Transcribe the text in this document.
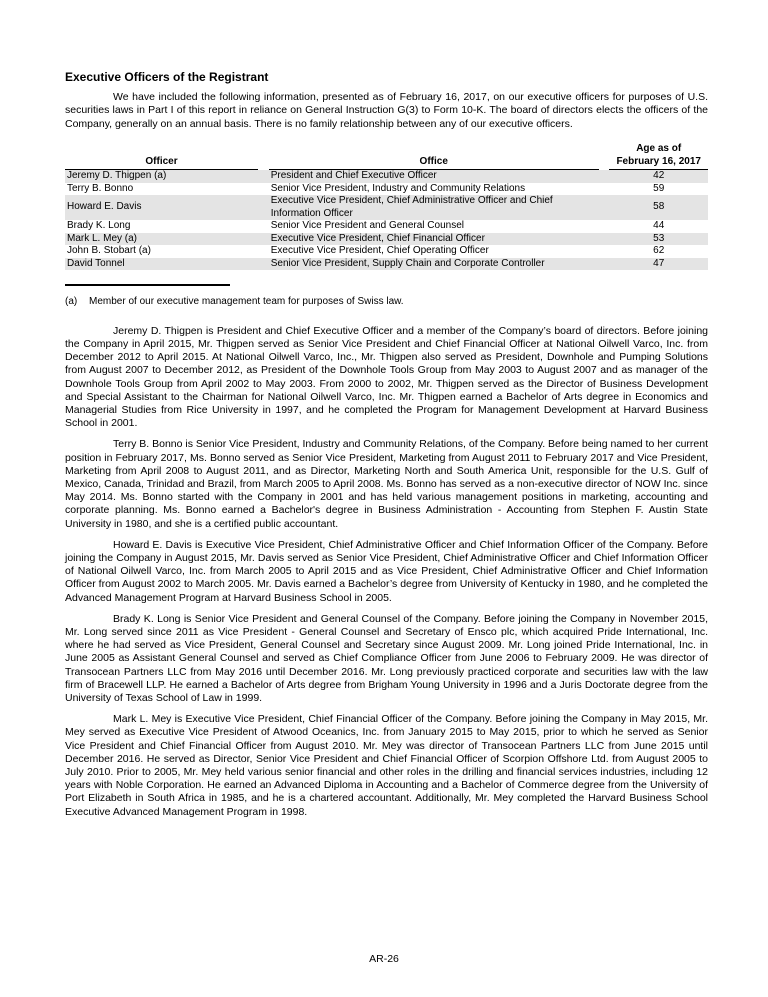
Executive Officers of the Registrant

We have included the following information, presented as of February 16, 2017, on our executive officers for purposes of U.S. securities laws in Part I of this report in reliance on General Instruction G(3) to Form 10-K. The board of directors elects the officers of the Company, generally on an annual basis. There is no family relationship between any of our executive officers.

Officer		Office		Age as of
February 16, 2017

Jeremy D. Thigpen (a)		President and Chief Executive Officer		42
Terry B. Bonno		Senior Vice President, Industry and Community Relations		59
Howard E. Davis		Executive Vice President, Chief Administrative Officer and Chief Information Officer		58
Brady K. Long		Senior Vice President and General Counsel		44
Mark L. Mey (a)		Executive Vice President, Chief Financial Officer		53
John B. Stobart (a)		Executive Vice President, Chief Operating Officer		62
David Tonnel		Senior Vice President, Supply Chain and Corporate Controller		47
(a)	Member of our executive management team for purposes of Swiss law.

Jeremy D. Thigpen is President and Chief Executive Officer and a member of the Company’s board of directors. Before joining the Company in April 2015, Mr. Thigpen served as Senior Vice President and Chief Financial Officer at National Oilwell Varco, Inc. from December 2012 to April 2015. At National Oilwell Varco, Inc., Mr. Thigpen also served as President, Downhole and Pumping Solutions from August 2007 to December 2012, as President of the Downhole Tools Group from May 2003 to August 2007 and as manager of the Downhole Tools Group from April 2002 to May 2003. From 2000 to 2002, Mr. Thigpen served as the Director of Business Development and Special Assistant to the Chairman for National Oilwell Varco, Inc. Mr. Thigpen earned a Bachelor of Arts degree in Economics and Managerial Studies from Rice University in 1997, and he completed the Program for Management Development at Harvard Business School in 2001.

Terry B. Bonno is Senior Vice President, Industry and Community Relations, of the Company. Before being named to her current position in February 2017, Ms. Bonno served as Senior Vice President, Marketing from August 2011 to February 2017 and Vice President, Marketing from April 2008 to August 2011, and as Director, Marketing North and South America Unit, responsible for the U.S. Gulf of Mexico, Canada, Trinidad and Brazil, from March 2005 to April 2008. Ms. Bonno has served as a non-executive director of NOW Inc. since May 2014. Ms. Bonno started with the Company in 2001 and has held various management positions in marketing, accounting and corporate planning. Ms. Bonno earned a Bachelor's degree in Business Administration - Accounting from Stephen F. Austin State University in 1980, and she is a certified public accountant.

Howard E. Davis is Executive Vice President, Chief Administrative Officer and Chief Information Officer of the Company. Before joining the Company in August 2015, Mr. Davis served as Senior Vice President, Chief Administrative Officer and Chief Information Officer of National Oilwell Varco, Inc. from March 2005 to April 2015 and as Vice President, Chief Administrative Officer and Chief Information Officer from August 2002 to March 2005. Mr. Davis earned a Bachelor’s degree from University of Kentucky in 1980, and he completed the Advanced Management Program at Harvard Business School in 2005.

Brady K. Long is Senior Vice President and General Counsel of the Company. Before joining the Company in November 2015, Mr. Long served since 2011 as Vice President - General Counsel and Secretary of Ensco plc, which acquired Pride International, Inc. where he had served as Vice President, General Counsel and Secretary since August 2009. Mr. Long joined Pride International, Inc. in June 2005 as Assistant General Counsel and served as Chief Compliance Officer from June 2006 to February 2009. He was director of Transocean Partners LLC from May 2016 until December 2016. Mr. Long previously practiced corporate and securities law with the law firm of Bracewell LLP. He earned a Bachelor of Arts degree from Brigham Young University in 1996 and a Juris Doctorate degree from the University of Texas School of Law in 1999.

Mark L. Mey is Executive Vice President, Chief Financial Officer of the Company. Before joining the Company in May 2015, Mr. Mey served as Executive Vice President of Atwood Oceanics, Inc. from January 2015 to May 2015, prior to which he served as Senior Vice President and Chief Financial Officer from August 2010. Mr. Mey was director of Transocean Partners LLC from June 2015 until December 2016. He served as Director, Senior Vice President and Chief Financial Officer of Scorpion Offshore Ltd. from August 2005 to July 2010. Prior to 2005, Mr. Mey held various senior financial and other roles in the drilling and financial services industries, including 12 years with Noble Corporation. He earned an Advanced Diploma in Accounting and a Bachelor of Commerce degree from the University of Port Elizabeth in South Africa in 1985, and he is a chartered accountant. Additionally, Mr. Mey completed the Harvard Business School Executive Advanced Management Program in 1998.

AR-26
